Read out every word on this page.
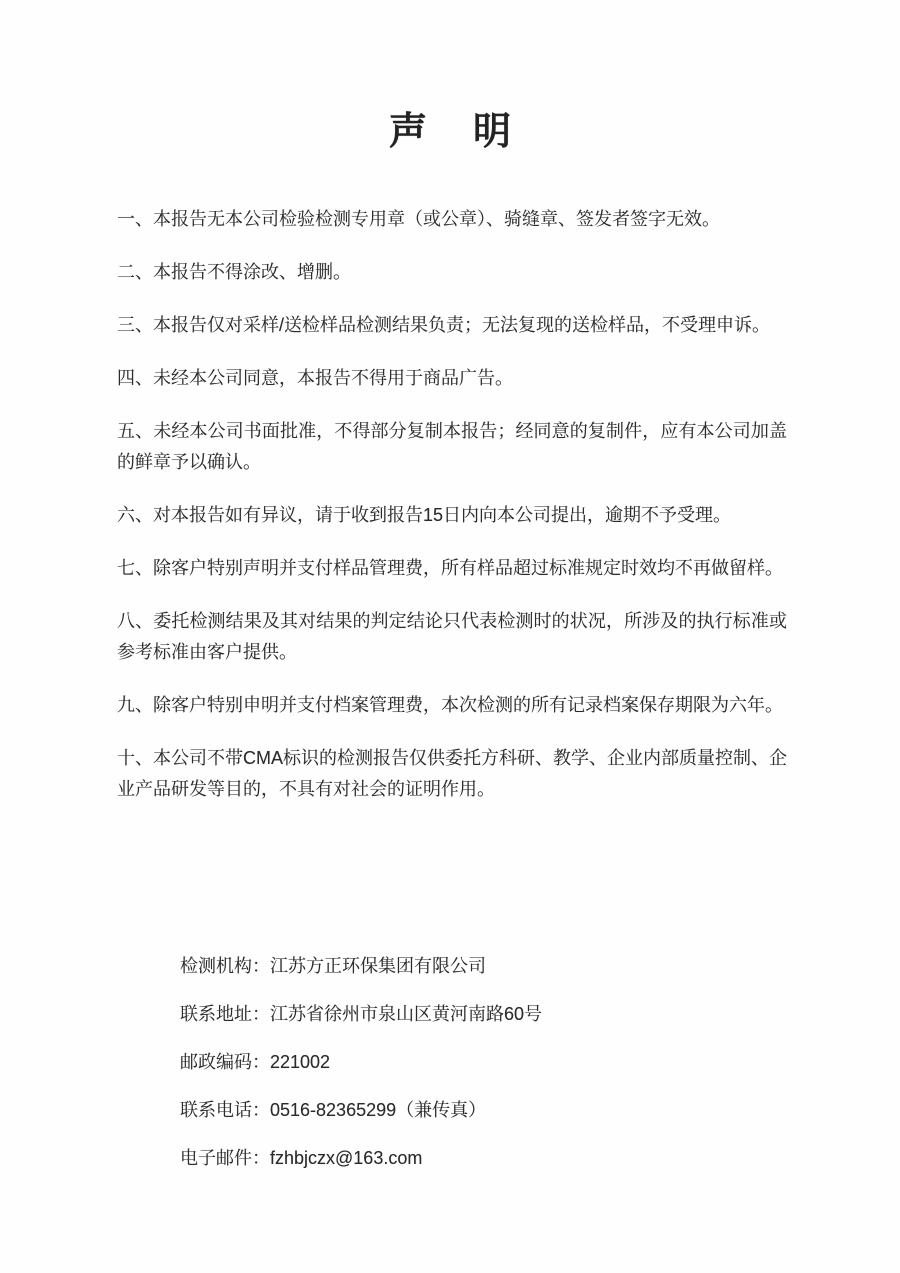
声　明

一、本报告无本公司检验检测专用章（或公章）、骑缝章、签发者签字无效。

二、本报告不得涂改、增删。

三、本报告仅对采样/送检样品检测结果负责；无法复现的送检样品，不受理申诉。

四、未经本公司同意，本报告不得用于商品广告。

五、未经本公司书面批准，不得部分复制本报告；经同意的复制件，应有本公司加盖的鲜章予以确认。

六、对本报告如有异议，请于收到报告15日内向本公司提出，逾期不予受理。

七、除客户特别声明并支付样品管理费，所有样品超过标准规定时效均不再做留样。

八、委托检测结果及其对结果的判定结论只代表检测时的状况，所涉及的执行标准或参考标准由客户提供。

九、除客户特别申明并支付档案管理费，本次检测的所有记录档案保存期限为六年。

十、本公司不带CMA标识的检测报告仅供委托方科研、教学、企业内部质量控制、企业产品研发等目的，不具有对社会的证明作用。

检测机构：江苏方正环保集团有限公司

联系地址：江苏省徐州市泉山区黄河南路60号

邮政编码：221002

联系电话：0516-82365299（兼传真）

电子邮件：fzhbjczx@163.com
